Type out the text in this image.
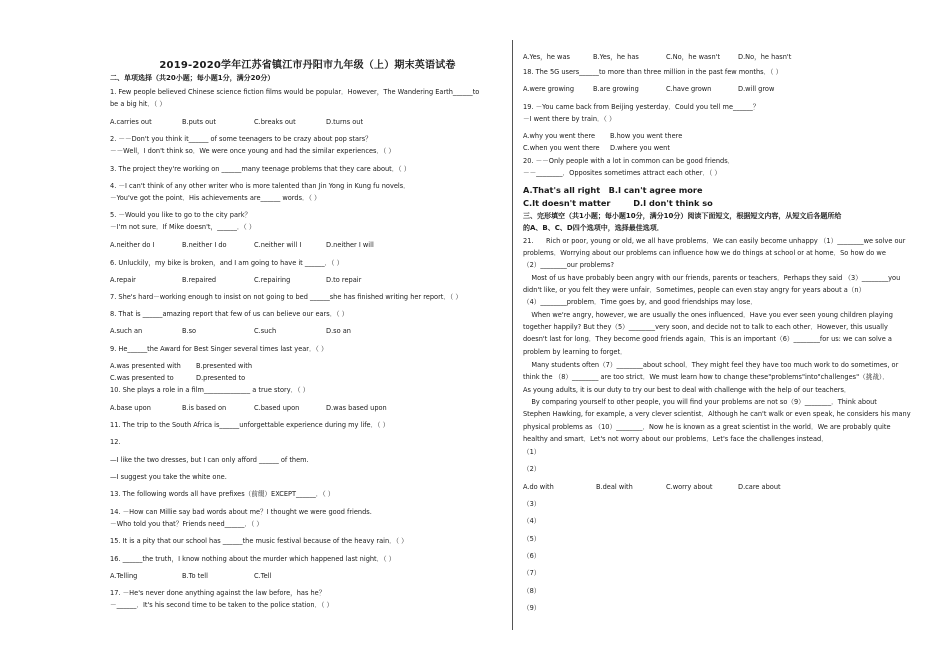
2019-2020学年江苏省镇江市丹阳市九年级（上）期末英语试卷
二、单项选择（共20小题；每小题1分，满分20分）
1. Few people believed Chinese science fiction films would be popular．However，The Wandering Earth______to
be a big hit．（ ）
A.carries out	B.puts out	C.breaks out	D.turns out
2. －－Don't you think it______ of some teenagers to be crazy about pop stars？
－－Well，I don't think so．We were once young and had the similar experiences．（ ）
3. The project they're working on ______many teenage problems that they care about．（ ）
4. －I can't think of any other writer who is more talented than Jin Yong in Kung fu novels．
－You've got the point．His achievements are______ words．（ ）
5. －Would you like to go to the city park？
－I'm not sure．If Mike doesn't，______．（ ）
A.neither do I	B.neither I do	C.neither will I	D.neither I will
6. Unluckily，my bike is broken，and I am going to have it ______．（ ）
A.repair	B.repaired	C.repairing	D.to repair
7. She's hard－working enough to insist on not going to bed ______she has finished writing her report．（ ）
8. That is ______amazing report that few of us can believe our ears．（ ）
A.such an	B.so	C.such	D.so an
9. He______the Award for Best Singer several times last year．（ ）
A.was presented with B.presented with
C.was presented to	D.presented to
10. She plays a role in a film______________ a true story．（ ）
A.base upon	B.is based on	C.based upon	D.was based upon
11. The trip to the South Africa is______unforgettable experience during my life．（ ）
12.
—I like the two dresses, but I can only afford ______ of them.
—I suggest you take the white one.
13. The following words all have prefixes（前缀）EXCEPT______．（ ）
14. －How can Millie say bad words about me？I thought we were good friends.
－Who told you that？Friends need______．（ ）
15. It is a pity that our school has ______the music festival because of the heavy rain．（ ）
16. ______the truth，I know nothing about the murder which happened last night．（ ）
A.Telling	B.To tell	C.Tell
17. －He's never done anything against the law before，has he？
－______．It's his second time to be taken to the police station．（ ）
A.Yes，he was	B.Yes，he has	C.No，he wasn't	D.No，he hasn't
18. The 5G users______to more than three million in the past few months．（ ）
A.were growing	B.are growing	C.have grown	D.will grow
19. －You came back from Beijing yesterday．Could you tell me______？
－I went there by train．（ ）
A.why you went there B.how you went there
C.when you went there D.where you went
20. －－Only people with a lot in common can be good friends．
－－________．Opposites sometimes attract each other．（ ）
A.That's all right   B.I can't agree more
C.It doesn't matter        D.I don't think so
三、完形填空（共1小题；每小题10分，满分10分）阅读下面短文，根据短文内容，从短文后各题所给
的A、B、C、D四个选项中，选择最佳选项．
21.      Rich or poor, young or old, we all have problems．We can easily become unhappy （1）________we solve our
problems．Worrying about our problems can influence how we do things at school or at home．So how do we
（2）________our problems?
Most of us have probably been angry with our friends, parents or teachers．Perhaps they said （3）________you
didn't like, or you felt they were unfair．Sometimes, people can even stay angry for years about a（n）
（4）________problem．Time goes by, and good friendships may lose．
When we're angry, however, we are usually the ones influenced．Have you ever seen young children playing
together happily? But they（5）________very soon, and decide not to talk to each other．However, this usually
doesn't last for long．They become good friends again．This is an important（6）________for us: we can solve a
problem by learning to forget．
Many students often（7）________about school．They might feel they have too much work to do sometimes, or
think the （8）________ are too strict．We must learn how to change these"problems"into"challenges"（挑战）．
As young adults, it is our duty to try our best to deal with challenge with the help of our teachers．
By comparing yourself to other people, you will find your problems are not so（9）________．Think about
Stephen Hawking, for example, a very clever scientist．Although he can't walk or even speak, he considers his many
physical problems as （10）________．Now he is known as a great scientist in the world．We are probably quite
healthy and smart．Let's not worry about our problems．Let's face the challenges instead．
（1）
（2）
A.do with	B.deal with	C.worry about	D.care about
（3）
（4）
（5）
（6）
（7）
（8）
（9）
